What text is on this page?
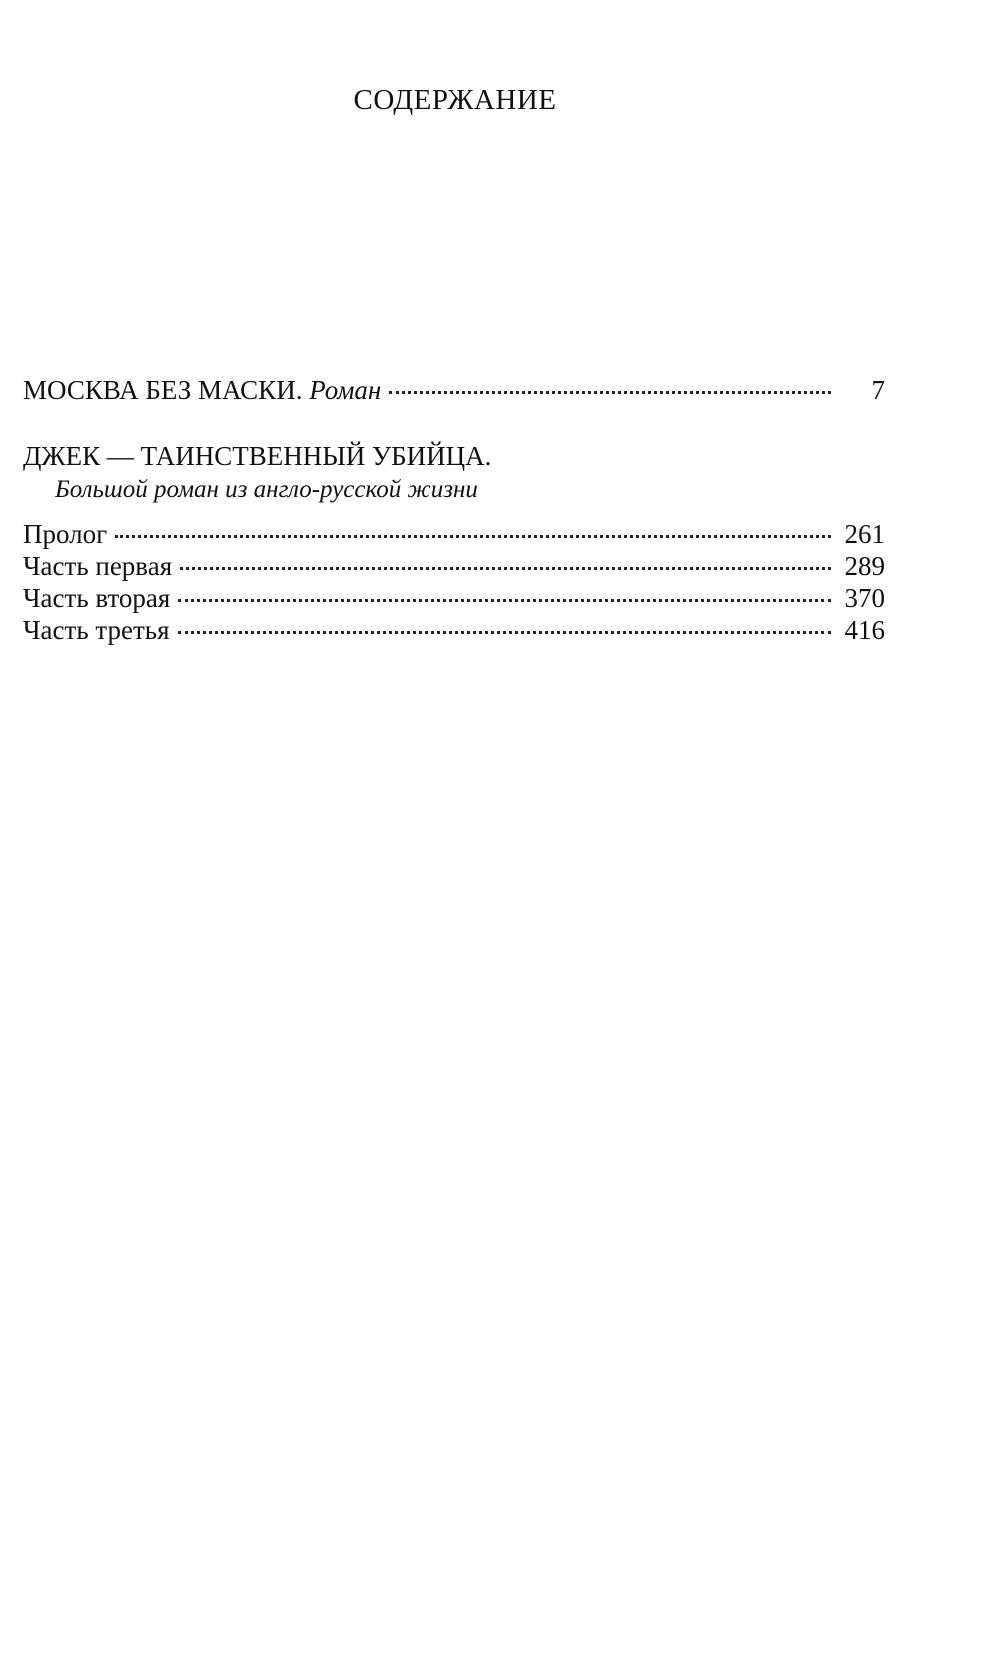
СОДЕРЖАНИЕ
МОСКВА БЕЗ МАСКИ. Роман	7
ДЖЕК — ТАИНСТВЕННЫЙ УБИЙЦА.
Большой роман из англо-русской жизни
Пролог	261
Часть первая	289
Часть вторая	370
Часть третья	416
